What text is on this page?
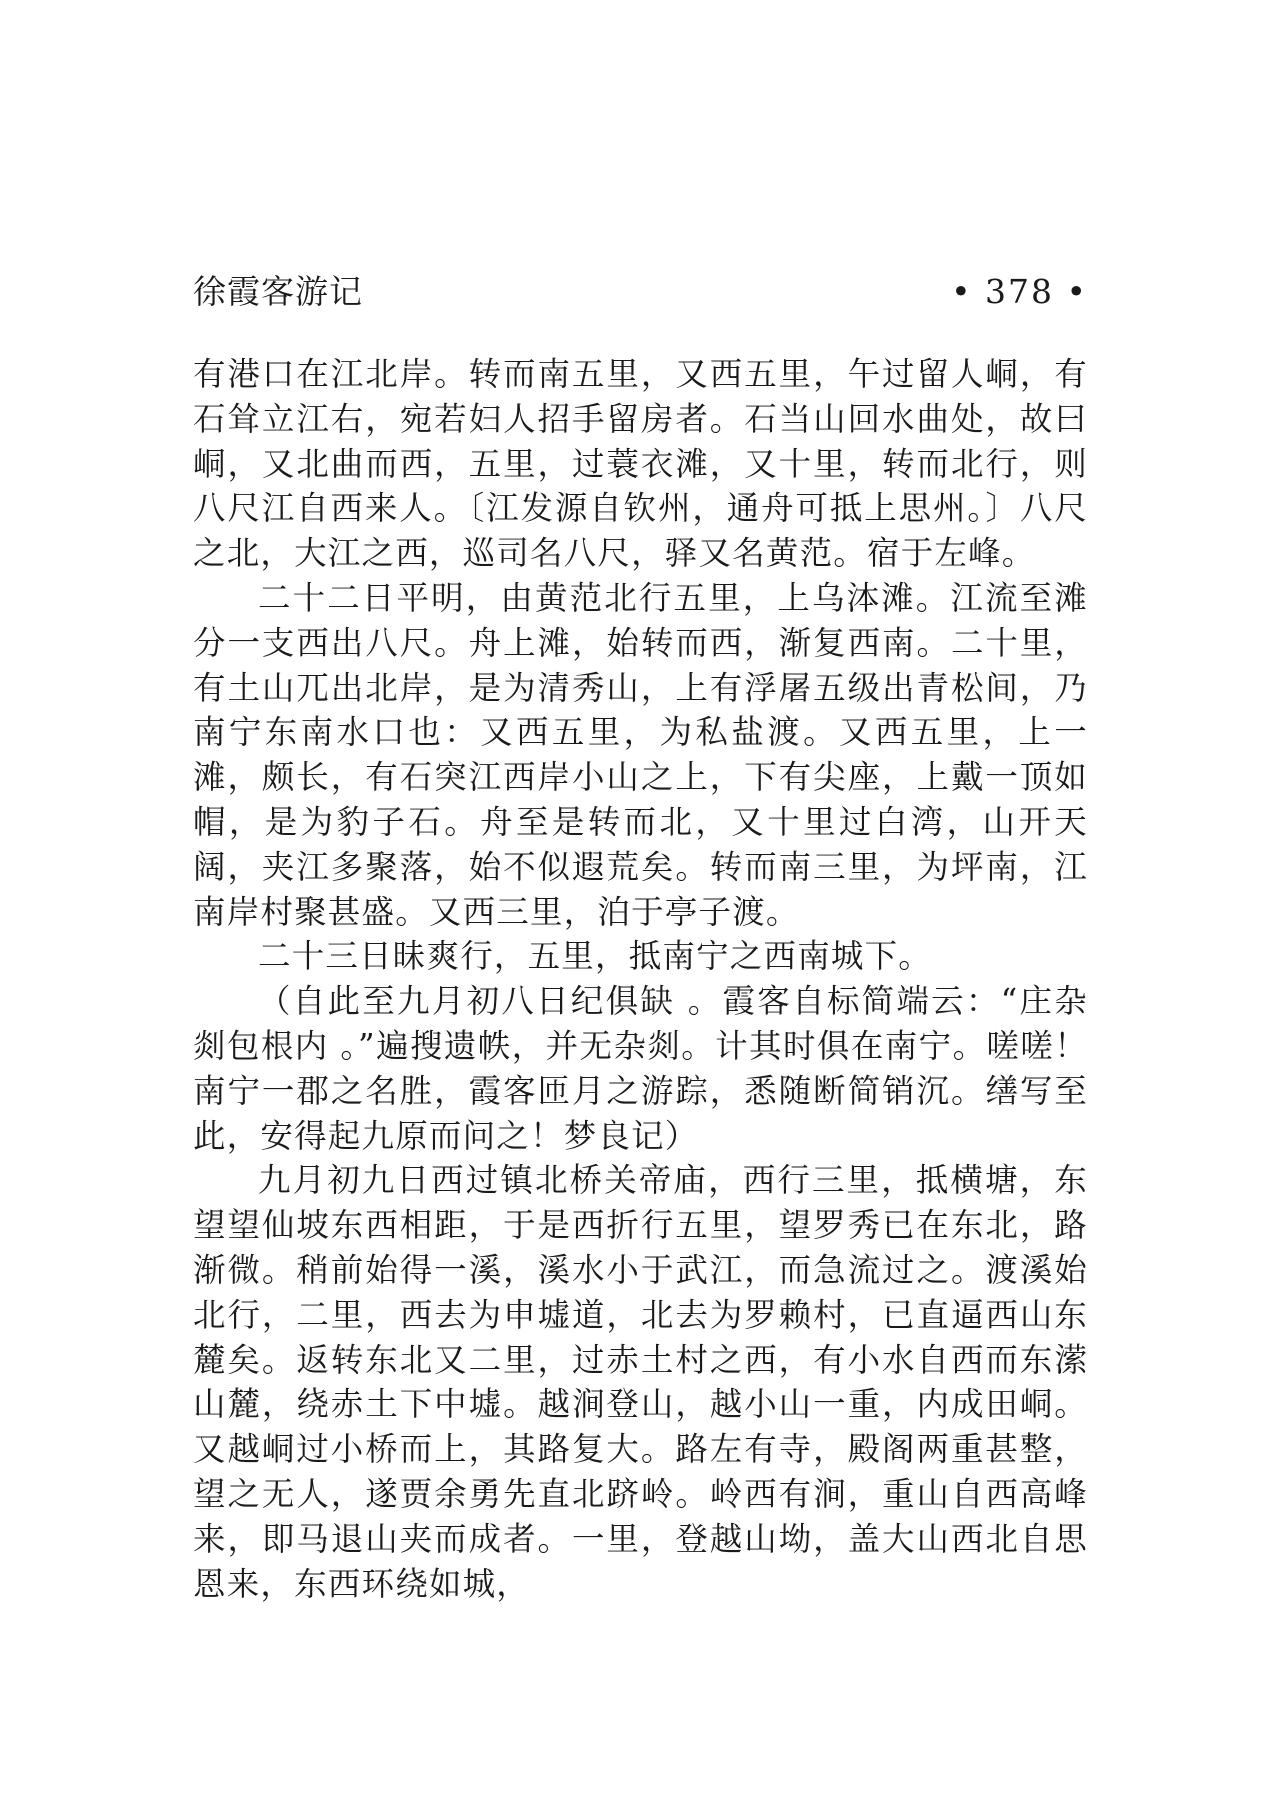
徐霞客游记	• 378 •

有港口在江北岸。转而南五里，又西五里，午过留人峒，有石耸立江右，宛若妇人招手留房者。石当山回水曲处，故曰峒，又北曲而西，五里，过蓑衣滩，又十里，转而北行，则八尺江自西来人。〔江发源自钦州，通舟可抵上思州。〕八尺之北，大江之西，巡司名八尺，驿又名黄范。宿于左峰。

二十二日平明，由黄范北行五里，上乌泍滩。江流至滩分一支西出八尺。舟上滩，始转而西，渐复西南。二十里，有土山兀出北岸，是为清秀山，上有浮屠五级出青松间，乃南宁东南水口也：又西五里，为私盐渡。又西五里，上一滩，颇长，有石突江西岸小山之上，下有尖座，上戴一顶如帽，是为豹子石。舟至是转而北，又十里过白湾，山开天阔，夹江多聚落，始不似遐荒矣。转而南三里，为坪南，江南岸村聚甚盛。又西三里，泊于亭子渡。

二十三日昧爽行，五里，抵南宁之西南城下。

（自此至九月初八日纪俱缺 。霞客自标简端云：“庄杂剡包根内 。”遍搜遗帙，并无杂剡。计其时俱在南宁。嗟嗟！南宁一郡之名胜，霞客匝月之游踪，悉随断简销沉。缮写至此，安得起九原而问之！梦良记）

九月初九日西过镇北桥关帝庙，西行三里，抵横塘，东望望仙坡东西相距，于是西折行五里，望罗秀已在东北，路渐微。稍前始得一溪，溪水小于武江，而急流过之。渡溪始北行，二里，西去为申墟道，北去为罗赖村，已直逼西山东麓矣。返转东北又二里，过赤土村之西，有小水自西而东潆山麓，绕赤土下中墟。越涧登山，越小山一重，内成田峒。又越峒过小桥而上，其路复大。路左有寺，殿阁两重甚整，望之无人，遂贾余勇先直北跻岭。岭西有涧，重山自西高峰来，即马退山夹而成者。一里，登越山坳，盖大山西北自思恩来，东西环绕如城，
